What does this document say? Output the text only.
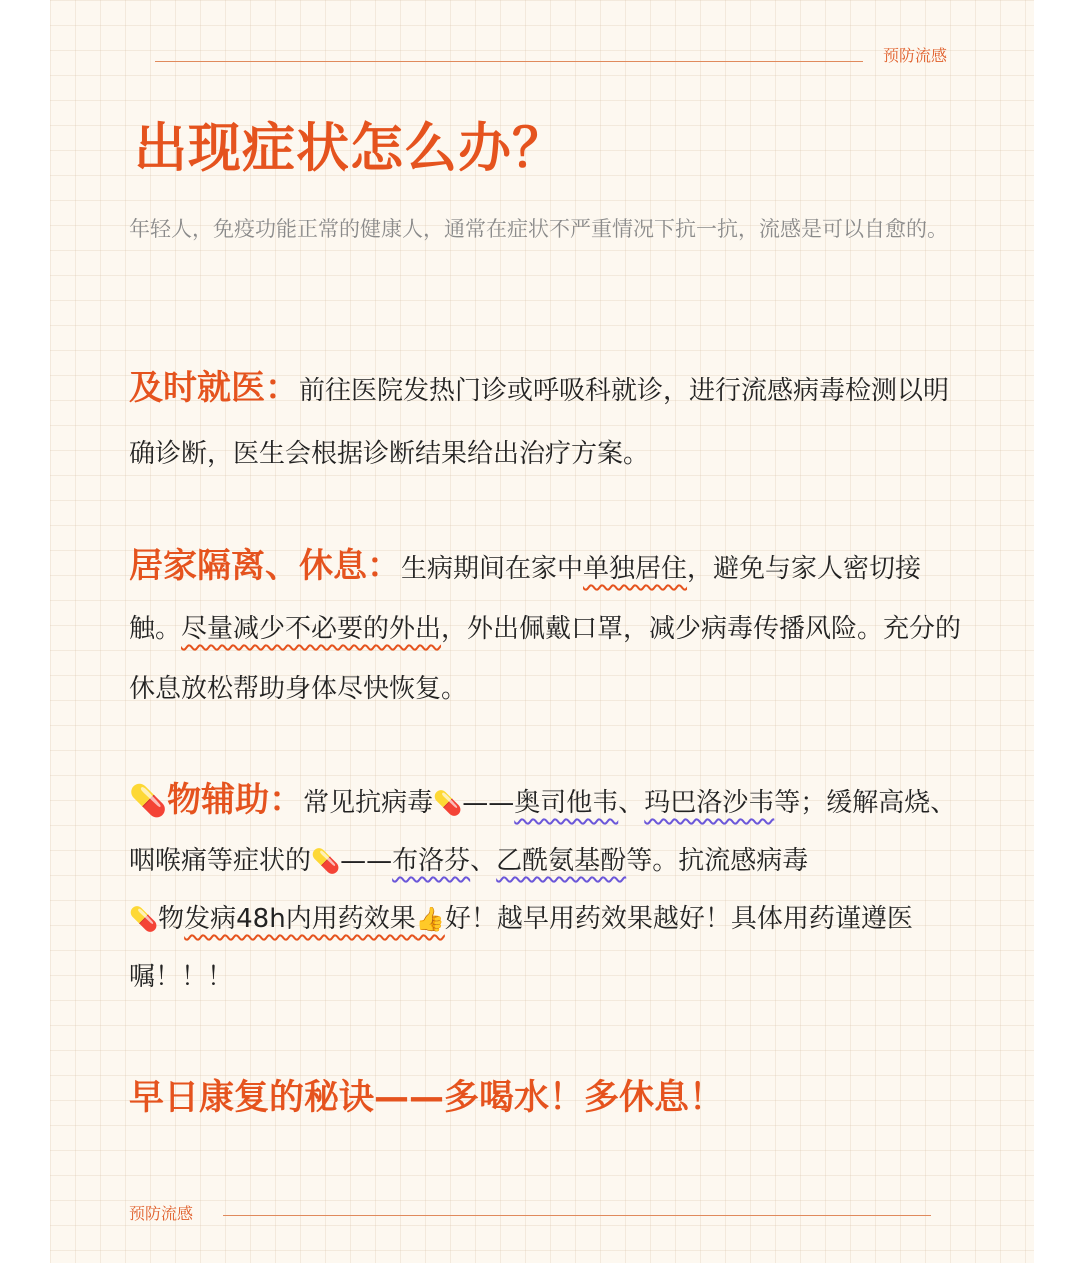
预防流感
出现症状怎么办？
年轻人，免疫功能正常的健康人，通常在症状不严重情况下抗一抗，流感是可以自愈的。
及时就医：前往医院发热门诊或呼吸科就诊，进行流感病毒检测以明确诊断，医生会根据诊断结果给出治疗方案。
居家隔离、休息：生病期间在家中单独居住，避免与家人密切接触。尽量减少不必要的外出，外出佩戴口罩，减少病毒传播风险。充分的休息放松帮助身体尽快恢复。
💊物辅助：常见抗病毒💊——奥司他韦、玛巴洛沙韦等；缓解高烧、咽喉痛等症状的💊——布洛芬、乙酰氨基酚等。抗流感病毒
💊物发病48h内用药效果👍好！越早用药效果越好！具体用药谨遵医嘱！！！
早日康复的秘诀——多喝水！多休息！
预防流感
